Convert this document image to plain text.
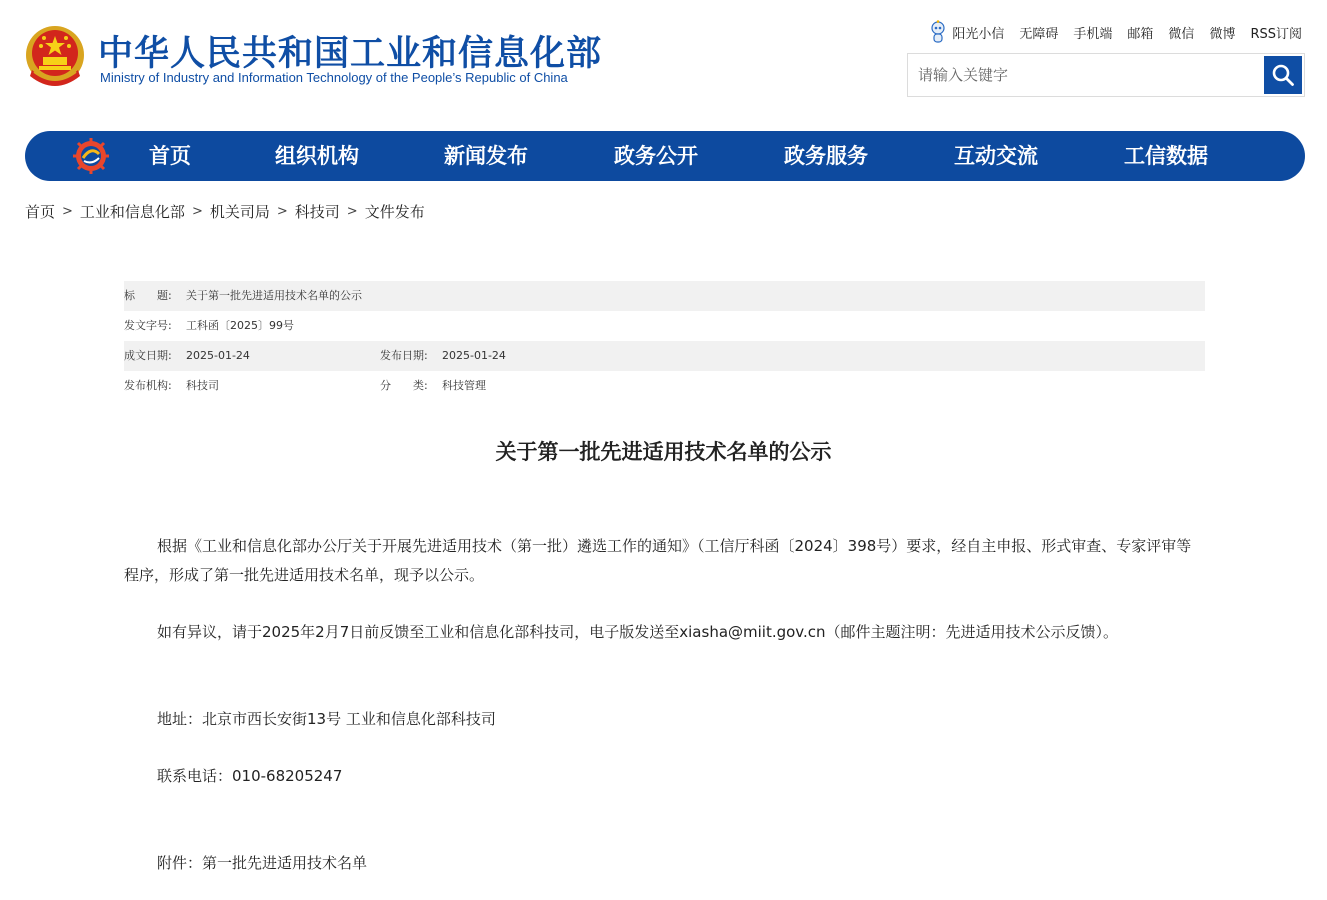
中华人民共和国工业和信息化部
Ministry of Industry and Information Technology of the People’s Republic of China
阳光小信 无障碍 手机端 邮箱 微信 微博 RSS订阅
请输入关键字
首页	组织机构	新闻发布	政务公开	政务服务	互动交流	工信数据
首页 > 工业和信息化部 > 机关司局 > 科技司 > 文件发布
标　　题: 关于第一批先进适用技术名单的公示
发文字号: 工科函〔2025〕99号
成文日期: 2025-01-24	发布日期: 2025-01-24
发布机构: 科技司	分　　类: 科技管理
关于第一批先进适用技术名单的公示
根据《工业和信息化部办公厅关于开展先进适用技术（第一批）遴选工作的通知》（工信厅科函〔2024〕398号）要求，经自主申报、形式审查、专家评审等程序，形成了第一批先进适用技术名单，现予以公示。
如有异议，请于2025年2月7日前反馈至工业和信息化部科技司，电子版发送至xiasha@miit.gov.cn（邮件主题注明：先进适用技术公示反馈）。
地址：北京市西长安街13号 工业和信息化部科技司
联系电话：010-68205247
附件：第一批先进适用技术名单
